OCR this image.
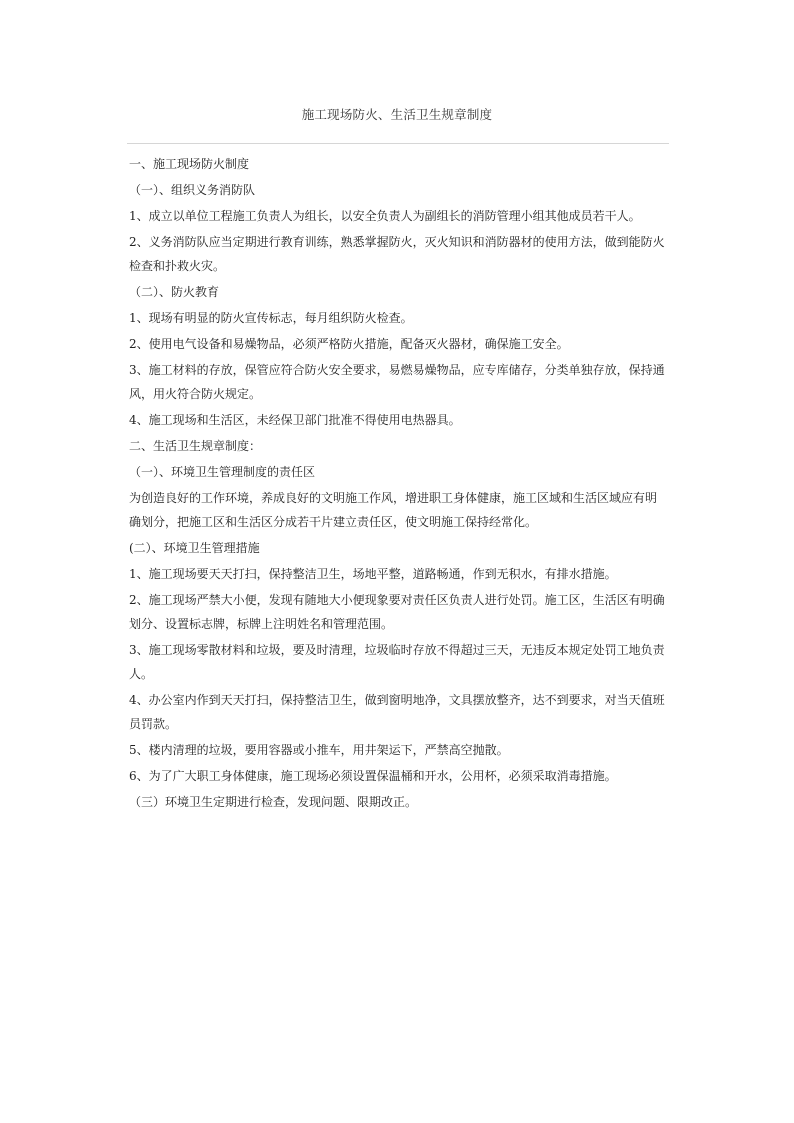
施工现场防火、生活卫生规章制度

一、施工现场防火制度

（一）、组织义务消防队

1、成立以单位工程施工负责人为组长，以安全负责人为副组长的消防管理小组其他成员若干人。

2、义务消防队应当定期进行教育训练，熟悉掌握防火，灭火知识和消防器材的使用方法，做到能防火检查和扑救火灾。

（二）、防火教育

1、现场有明显的防火宣传标志，每月组织防火检查。

2、使用电气设备和易燥物品，必须严格防火措施，配备灭火器材，确保施工安全。

3、施工材料的存放，保管应符合防火安全要求，易燃易燥物品，应专库储存，分类单独存放，保持通风，用火符合防火规定。

4、施工现场和生活区，未经保卫部门批准不得使用电热器具。

二、生活卫生规章制度：

（一）、环境卫生管理制度的责任区

为创造良好的工作环境，养成良好的文明施工作风，增进职工身体健康，施工区域和生活区域应有明确划分，把施工区和生活区分成若干片建立责任区，使文明施工保持经常化。

(二）、环境卫生管理措施

1、施工现场要天天打扫，保持整洁卫生，场地平整，道路畅通，作到无积水，有排水措施。

2、施工现场严禁大小便，发现有随地大小便现象要对责任区负责人进行处罚。施工区，生活区有明确划分、设置标志牌，标牌上注明姓名和管理范围。

3、施工现场零散材料和垃圾，要及时清理，垃圾临时存放不得超过三天，无违反本规定处罚工地负责人。

4、办公室内作到天天打扫，保持整洁卫生，做到窗明地净，文具摆放整齐，达不到要求，对当天值班员罚款。

5、楼内清理的垃圾，要用容器或小推车，用井架运下，严禁高空抛散。

6、为了广大职工身体健康，施工现场必须设置保温桶和开水，公用杯，必须采取消毒措施。

（三）环境卫生定期进行检查，发现问题、限期改正。
